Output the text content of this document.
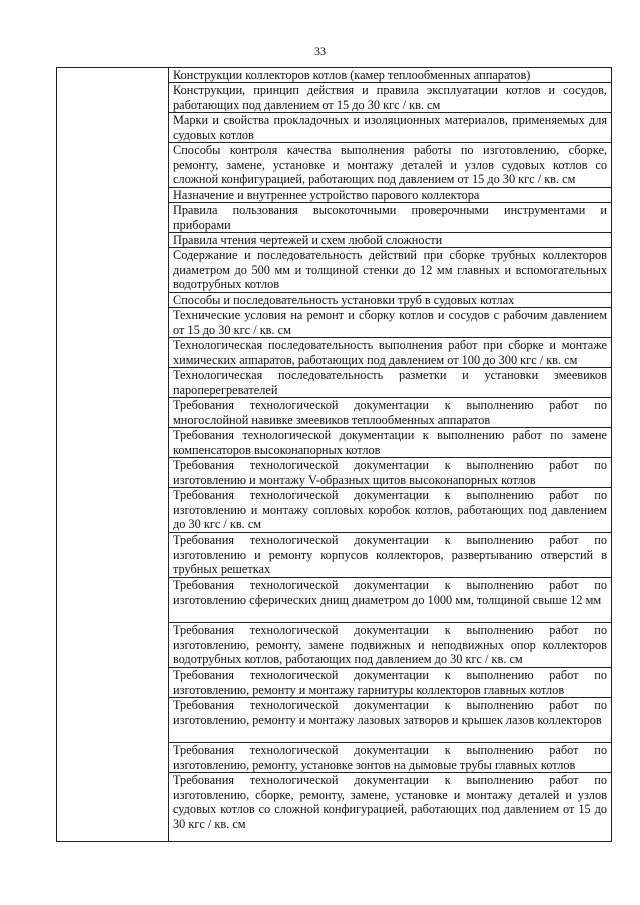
33
Конструкции коллекторов котлов (камер теплообменных аппаратов)
Конструкции, принцип действия и правила эксплуатации котлов и сосудов, работающих под давлением от 15 до 30 кгс / кв. см
Марки и свойства прокладочных и изоляционных материалов, применяемых для судовых котлов
Способы контроля качества выполнения работы по изготовлению, сборке, ремонту, замене, установке и монтажу деталей и узлов судовых котлов со сложной конфигурацией, работающих под давлением от 15 до 30 кгс / кв. см
Назначение и внутреннее устройство парового коллектора
Правила пользования высокоточными проверочными инструментами и приборами
Правила чтения чертежей и схем любой сложности
Содержание и последовательность действий при сборке трубных коллекторов диаметром до 500 мм и толщиной стенки до 12 мм главных и вспомогательных водотрубных котлов
Способы и последовательность установки труб в судовых котлах
Технические условия на ремонт и сборку котлов и сосудов с рабочим давлением от 15 до 30 кгс / кв. см
Технологическая последовательность выполнения работ при сборке и монтаже химических аппаратов, работающих под давлением от 100 до 300 кгс / кв. см
Технологическая последовательность разметки и установки змеевиков пароперегревателей
Требования технологической документации к выполнению работ по многослойной навивке змеевиков теплообменных аппаратов
Требования технологической документации к выполнению работ по замене компенсаторов высоконапорных котлов
Требования технологической документации к выполнению работ по изготовлению и монтажу V-образных щитов высоконапорных котлов
Требования технологической документации к выполнению работ по изготовлению и монтажу сопловых коробок котлов, работающих под давлением до 30 кгс / кв. см
Требования технологической документации к выполнению работ по изготовлению и ремонту корпусов коллекторов, развертыванию отверстий в трубных решетках
Требования технологической документации к выполнению работ по изготовлению сферических днищ диаметром до 1000 мм, толщиной свыше 12 мм
Требования технологической документации к выполнению работ по изготовлению, ремонту, замене подвижных и неподвижных опор коллекторов водотрубных котлов, работающих под давлением до 30 кгс / кв. см
Требования технологической документации к выполнению работ по изготовлению, ремонту и монтажу гарнитуры коллекторов главных котлов
Требования технологической документации к выполнению работ по изготовлению, ремонту и монтажу лазовых затворов и крышек лазов коллекторов
Требования технологической документации к выполнению работ по изготовлению, ремонту, установке зонтов на дымовые трубы главных котлов
Требования технологической документации к выполнению работ по изготовлению, сборке, ремонту, замене, установке и монтажу деталей и узлов судовых котлов со сложной конфигурацией, работающих под давлением от 15 до 30 кгс / кв. см
